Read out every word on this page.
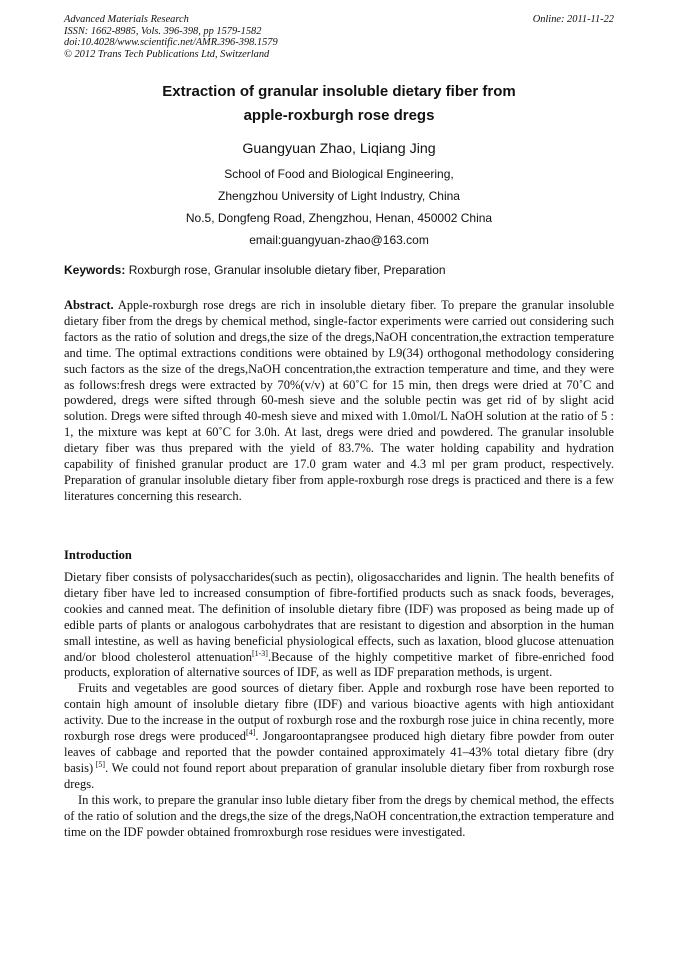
Advanced Materials Research
ISSN: 1662-8985, Vols. 396-398, pp 1579-1582
doi:10.4028/www.scientific.net/AMR.396-398.1579
© 2012 Trans Tech Publications Ltd, Switzerland
Online: 2011-11-22
Extraction of granular insoluble dietary fiber from
apple-roxburgh rose dregs
Guangyuan Zhao, Liqiang Jing
School of Food and Biological Engineering,
Zhengzhou University of Light Industry, China
No.5, Dongfeng Road, Zhengzhou, Henan, 450002 China
email:guangyuan-zhao@163.com
Keywords: Roxburgh rose, Granular insoluble dietary fiber, Preparation
Abstract. Apple-roxburgh rose dregs are rich in insoluble dietary fiber. To prepare the granular insoluble dietary fiber from the dregs by chemical method, single-factor experiments were carried out considering such factors as the ratio of solution and dregs,the size of the dregs,NaOH concentration,the extraction temperature and time. The optimal extractions conditions were obtained by L9(34) orthogonal methodology considering such factors as the size of the dregs,NaOH concentration,the extraction temperature and time, and they were as follows:fresh dregs were extracted by 70%(v/v) at 60˚C for 15 min, then dregs were dried at 70˚C and powdered, dregs were sifted through 60-mesh sieve and the soluble pectin was get rid of by slight acid solution. Dregs were sifted through 40-mesh sieve and mixed with 1.0mol/L NaOH solution at the ratio of 5 : 1, the mixture was kept at 60˚C for 3.0h. At last, dregs were dried and powdered. The granular insoluble dietary fiber was thus prepared with the yield of 83.7%. The water holding capability and hydration capability of finished granular product are 17.0 gram water and 4.3 ml per gram product, respectively. Preparation of granular insoluble dietary fiber from apple-roxburgh rose dregs is practiced and there is a few literatures concerning this research.
Introduction

Dietary fiber consists of polysaccharides(such as pectin), oligosaccharides and lignin. The health benefits of dietary fiber have led to increased consumption of fibre-fortified products such as snack foods, beverages, cookies and canned meat. The definition of insoluble dietary fibre (IDF) was proposed as being made up of edible parts of plants or analogous carbohydrates that are resistant to digestion and absorption in the human small intestine, as well as having beneficial physiological effects, such as laxation, blood glucose attenuation and/or blood cholesterol attenuation[1-3].Because of the highly competitive market of fibre-enriched food products, exploration of alternative sources of IDF, as well as IDF preparation methods, is urgent.

Fruits and vegetables are good sources of dietary fiber. Apple and roxburgh rose have been reported to contain high amount of insoluble dietary fibre (IDF) and various bioactive agents with high antioxidant activity. Due to the increase in the output of roxburgh rose and the roxburgh rose juice in china recently, more roxburgh rose dregs were produced[4]. Jongaroontaprangsee produced high dietary fibre powder from outer leaves of cabbage and reported that the powder contained approximately 41–43% total dietary fibre (dry basis) [5]. We could not found report about preparation of granular insoluble dietary fiber from roxburgh rose dregs.

In this work, to prepare the granular inso luble dietary fiber from the dregs by chemical method, the effects of the ratio of solution and the dregs,the size of the dregs,NaOH concentration,the extraction temperature and time on the IDF powder obtained fromroxburgh rose residues were investigated.
